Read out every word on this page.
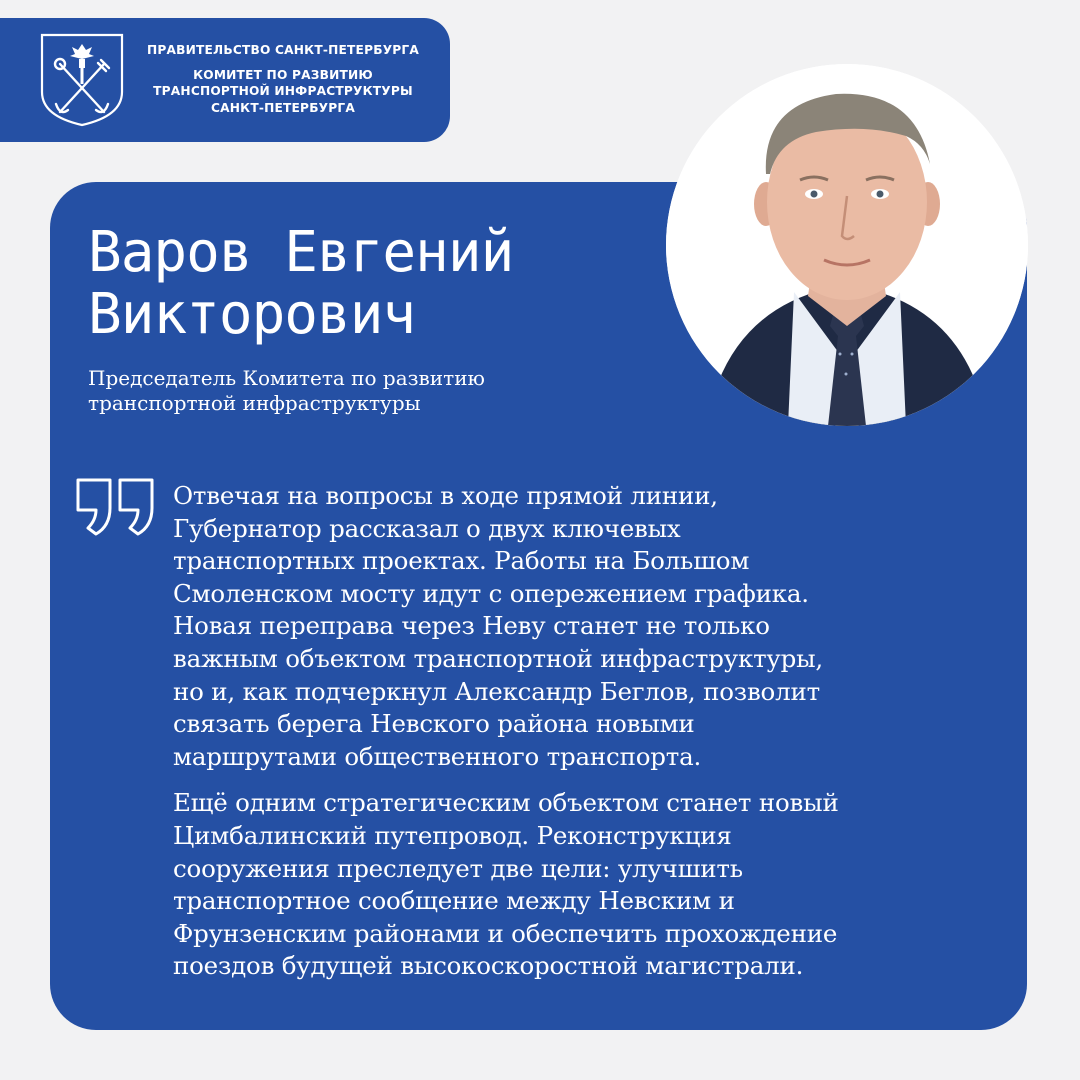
ПРАВИТЕЛЬСТВО САНКТ-ПЕТЕРБУРГА
КОМИТЕТ ПО РАЗВИТИЮ
ТРАНСПОРТНОЙ ИНФРАСТРУКТУРЫ
САНКТ-ПЕТЕРБУРГА
Варов Евгений
Викторович
Председатель Комитета по развитию
транспортной инфраструктуры

Отвечая на вопросы в ходе прямой линии,
Губернатор рассказал о двух ключевых
транспортных проектах. Работы на Большом
Смоленском мосту идут с опережением графика.
Новая переправа через Неву станет не только
важным объектом транспортной инфраструктуры,
но и, как подчеркнул Александр Беглов, позволит
связать берега Невского района новыми
маршрутами общественного транспорта.

Ещё одним стратегическим объектом станет новый
Цимбалинский путепровод. Реконструкция
сооружения преследует две цели: улучшить
транспортное сообщение между Невским и
Фрунзенским районами и обеспечить прохождение
поездов будущей высокоскоростной магистрали.
